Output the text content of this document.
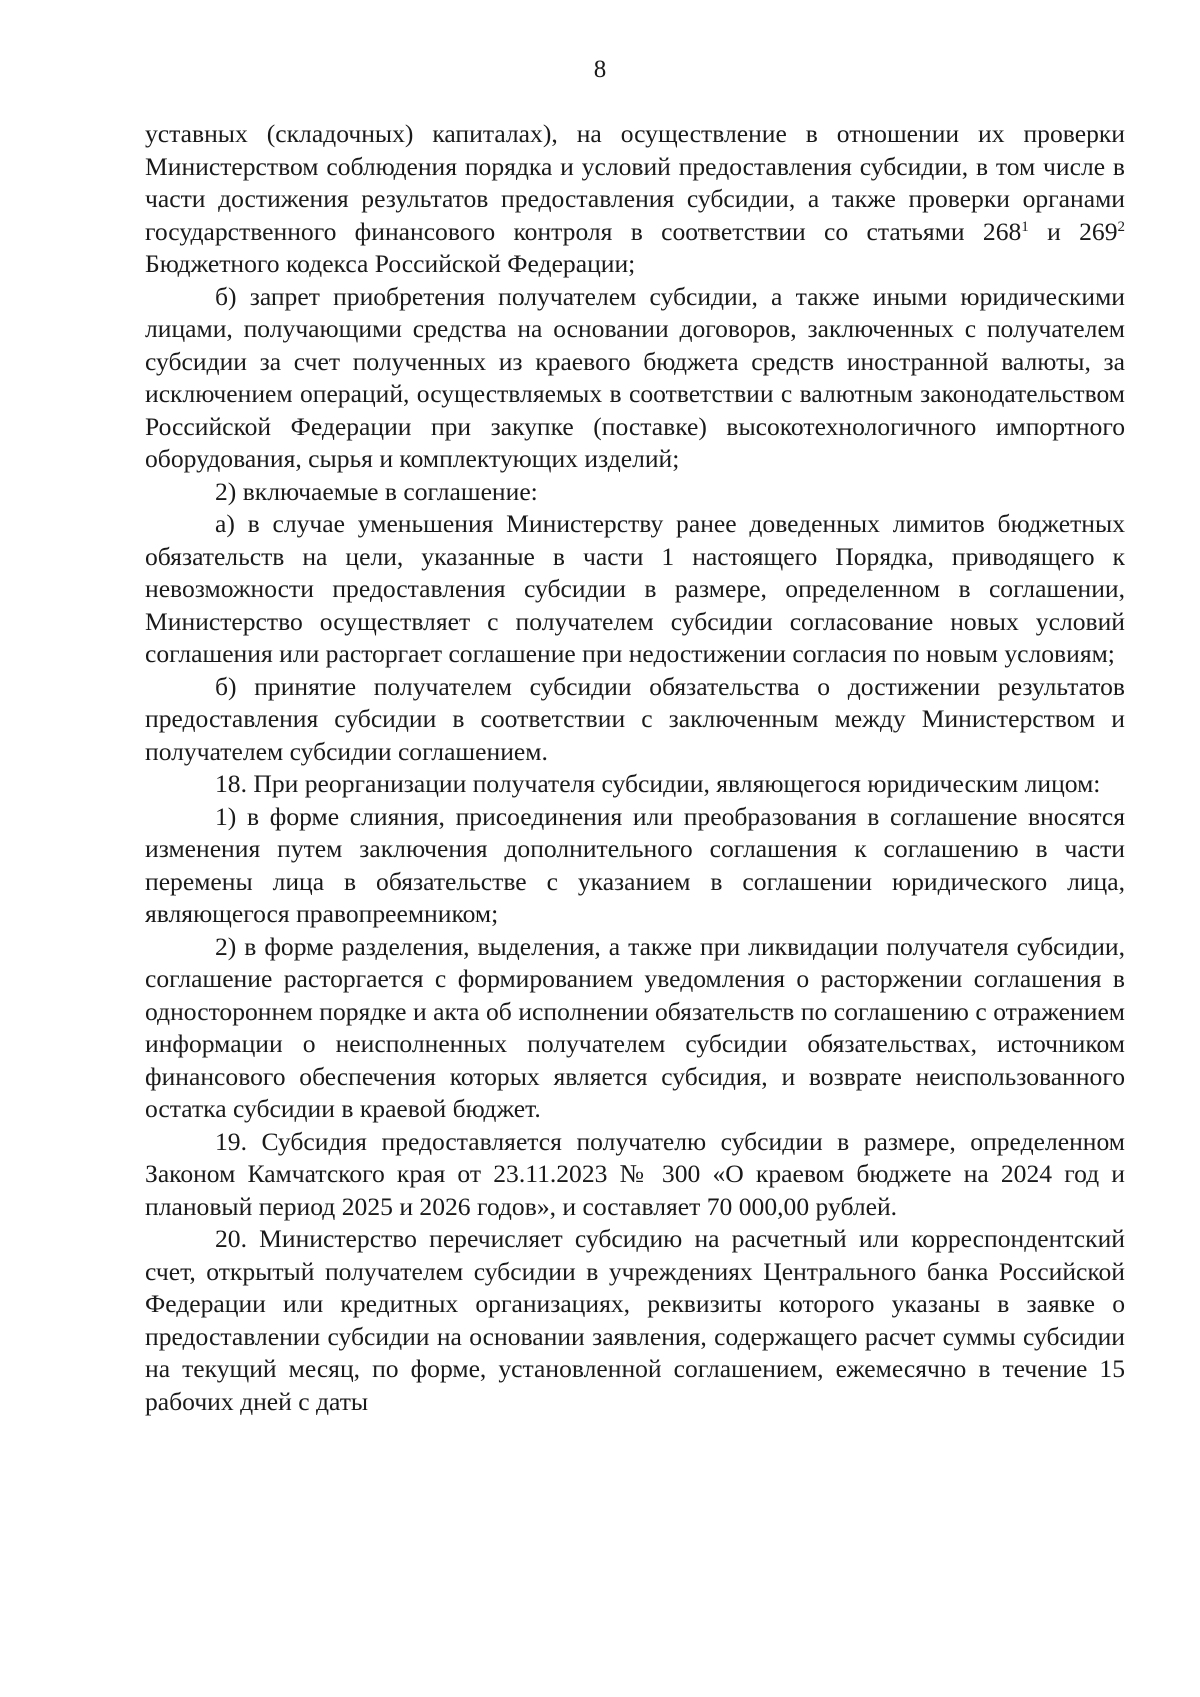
8

уставных (складочных) капиталах), на осуществление в отношении их проверки Министерством соблюдения порядка и условий предоставления субсидии, в том числе в части достижения результатов предоставления субсидии, а также проверки органами государственного финансового контроля в соответствии со статьями $268^1$ и $269^2$ Бюджетного кодекса Российской Федерации;

б) запрет приобретения получателем субсидии, а также иными юридическими лицами, получающими средства на основании договоров, заключенных с получателем субсидии за счет полученных из краевого бюджета средств иностранной валюты, за исключением операций, осуществляемых в соответствии с валютным законодательством Российской Федерации при закупке (поставке) высокотехнологичного импортного оборудования, сырья и комплектующих изделий;

2) включаемые в соглашение:

а) в случае уменьшения Министерству ранее доведенных лимитов бюджетных обязательств на цели, указанные в части 1 настоящего Порядка, приводящего к невозможности предоставления субсидии в размере, определенном в соглашении, Министерство осуществляет с получателем субсидии согласование новых условий соглашения или расторгает соглашение при недостижении согласия по новым условиям;

б) принятие получателем субсидии обязательства о достижении результатов предоставления субсидии в соответствии с заключенным между Министерством и получателем субсидии соглашением.

18. При реорганизации получателя субсидии, являющегося юридическим лицом:

1) в форме слияния, присоединения или преобразования в соглашение вносятся изменения путем заключения дополнительного соглашения к соглашению в части перемены лица в обязательстве с указанием в соглашении юридического лица, являющегося правопреемником;

2) в форме разделения, выделения, а также при ликвидации получателя субсидии, соглашение расторгается с формированием уведомления о расторжении соглашения в одностороннем порядке и акта об исполнении обязательств по соглашению с отражением информации о неисполненных получателем субсидии обязательствах, источником финансового обеспечения которых является субсидия, и возврате неиспользованного остатка субсидии в краевой бюджет.

19. Субсидия предоставляется получателю субсидии в размере, определенном Законом Камчатского края от 23.11.2023 № 300 «О краевом бюджете на 2024 год и плановый период 2025 и 2026 годов», и составляет 70 000,00 рублей.

20. Министерство перечисляет субсидию на расчетный или корреспондентский счет, открытый получателем субсидии в учреждениях Центрального банка Российской Федерации или кредитных организациях, реквизиты которого указаны в заявке о предоставлении субсидии на основании заявления, содержащего расчет суммы субсидии на текущий месяц, по форме, установленной соглашением, ежемесячно в течение 15 рабочих дней с даты
